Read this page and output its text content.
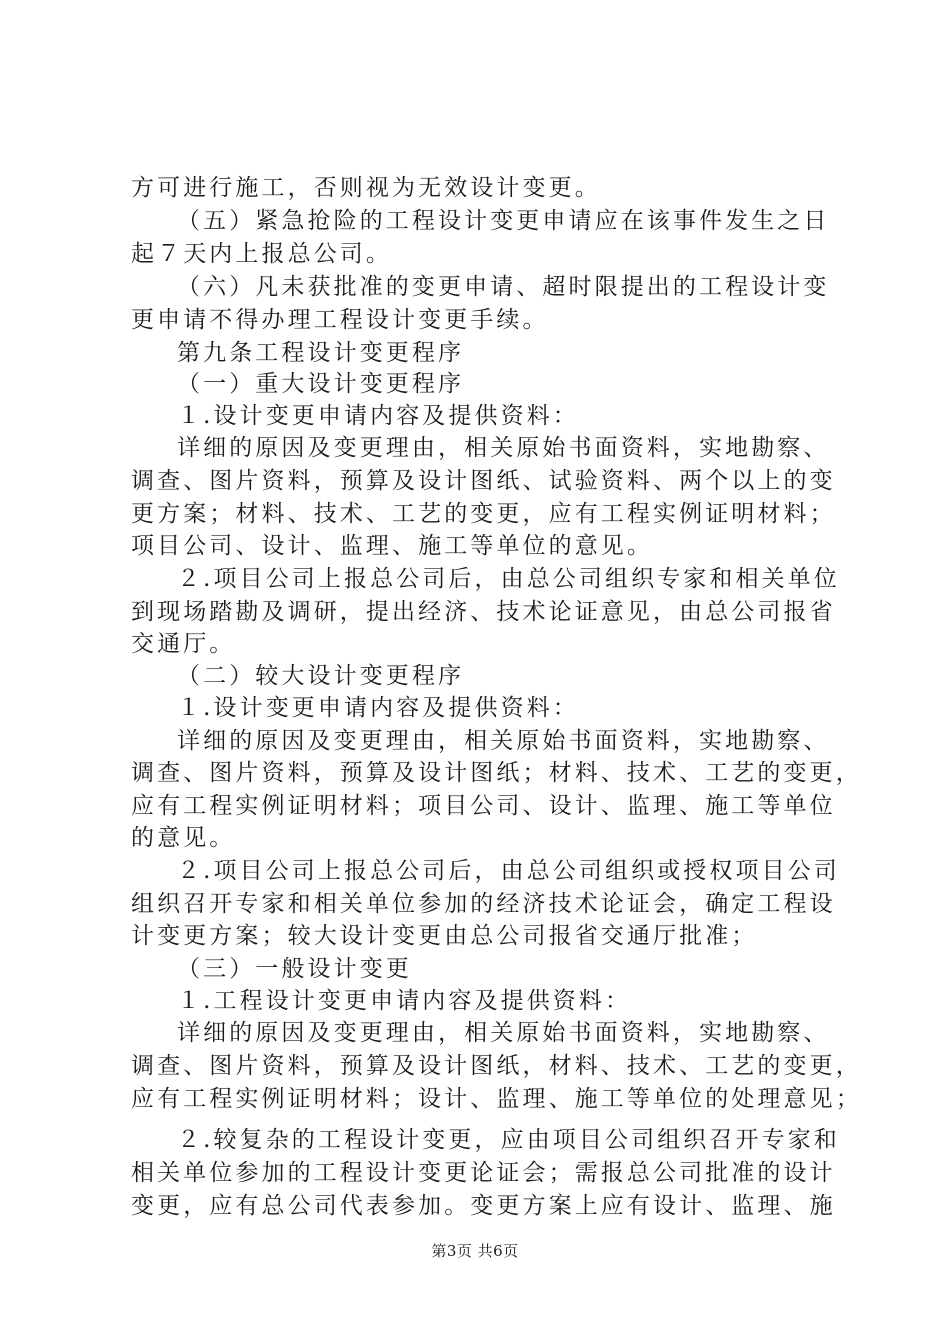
方可进行施工，否则视为无效设计变更。
（五）紧急抢险的工程设计变更申请应在该事件发生之日
起７天内上报总公司。
（六）凡未获批准的变更申请、超时限提出的工程设计变
更申请不得办理工程设计变更手续。
第九条工程设计变更程序
（一）重大设计变更程序
１.设计变更申请内容及提供资料：
详细的原因及变更理由，相关原始书面资料，实地勘察、
调查、图片资料，预算及设计图纸、试验资料、两个以上的变
更方案；材料、技术、工艺的变更，应有工程实例证明材料；
项目公司、设计、监理、施工等单位的意见。
２.项目公司上报总公司后，由总公司组织专家和相关单位
到现场踏勘及调研，提出经济、技术论证意见，由总公司报省
交通厅。
（二）较大设计变更程序
１.设计变更申请内容及提供资料：
详细的原因及变更理由，相关原始书面资料，实地勘察、
调查、图片资料，预算及设计图纸；材料、技术、工艺的变更，
应有工程实例证明材料；项目公司、设计、监理、施工等单位
的意见。
２.项目公司上报总公司后，由总公司组织或授权项目公司
组织召开专家和相关单位参加的经济技术论证会，确定工程设
计变更方案；较大设计变更由总公司报省交通厅批准；
（三）一般设计变更
１.工程设计变更申请内容及提供资料：
详细的原因及变更理由，相关原始书面资料，实地勘察、
调查、图片资料，预算及设计图纸，材料、技术、工艺的变更，
应有工程实例证明材料；设计、监理、施工等单位的处理意见；
２.较复杂的工程设计变更，应由项目公司组织召开专家和
相关单位参加的工程设计变更论证会；需报总公司批准的设计
变更，应有总公司代表参加。变更方案上应有设计、监理、施
第3页 共6页
